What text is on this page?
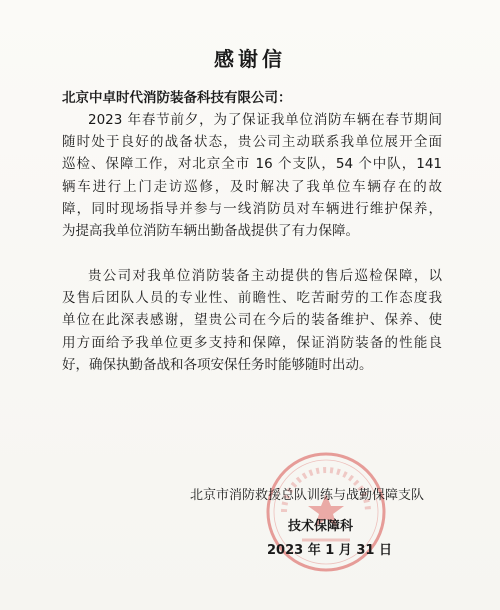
感谢信
北京中卓时代消防装备科技有限公司：
2023 年春节前夕，为了保证我单位消防车辆在春节期间
随时处于良好的战备状态，贵公司主动联系我单位展开全面
巡检、保障工作，对北京全市 16 个支队，54 个中队，141
辆车进行上门走访巡修，及时解决了我单位车辆存在的故
障，同时现场指导并参与一线消防员对车辆进行维护保养，
为提高我单位消防车辆出勤备战提供了有力保障。
贵公司对我单位消防装备主动提供的售后巡检保障，以
及售后团队人员的专业性、前瞻性、吃苦耐劳的工作态度我
单位在此深表感谢，望贵公司在今后的装备维护、保养、使
用方面给予我单位更多支持和保障，保证消防装备的性能良
好，确保执勤备战和各项安保任务时能够随时出动。
北京市消防救援总队训练与战勤保障支队
技术保障科
2023 年 1 月 31 日
